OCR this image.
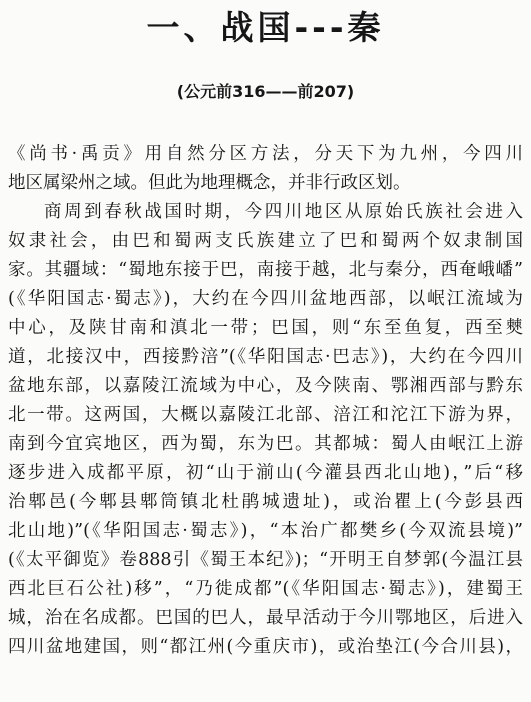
一、战国---秦
(公元前316——前207)
《尚书·禹贡》用自然分区方法，分天下为九州，今四川
地区属梁州之域。但此为地理概念，并非行政区划。
商周到春秋战国时期，今四川地区从原始氏族社会进入
奴隶社会，由巴和蜀两支氏族建立了巴和蜀两个奴隶制国
家。其疆域：“蜀地东接于巴，南接于越，北与秦分，西奄峨嶓”
(《华阳国志·蜀志》)，大约在今四川盆地西部，以岷江流域为
中心，及陕甘南和滇北一带；巴国，则“东至鱼复，西至僰
道，北接汉中，西接黔涪”(《华阳国志·巴志》)，大约在今四川
盆地东部，以嘉陵江流域为中心，及今陕南、鄂湘西部与黔东
北一带。这两国，大概以嘉陵江北部、涪江和沱江下游为界，
南到今宜宾地区，西为蜀，东为巴。其都城：蜀人由岷江上游
逐步进入成都平原，初“山于湔山(今灌县西北山地)，”后“移
治郫邑(今郫县郫筒镇北杜鹃城遗址)，或治瞿上(今彭县西
北山地)”(《华阳国志·蜀志》)，“本治广都樊乡(今双流县境)”
(《太平御览》卷888引《蜀王本纪》)；“开明王自梦郭(今温江县
西北巨石公社)移”，“乃徙成都”(《华阳国志·蜀志》)，建蜀王
城，治在名成都。巴国的巴人，最早活动于今川鄂地区，后进入
四川盆地建国，则“都江州(今重庆市)，或治垫江(今合川县)，
